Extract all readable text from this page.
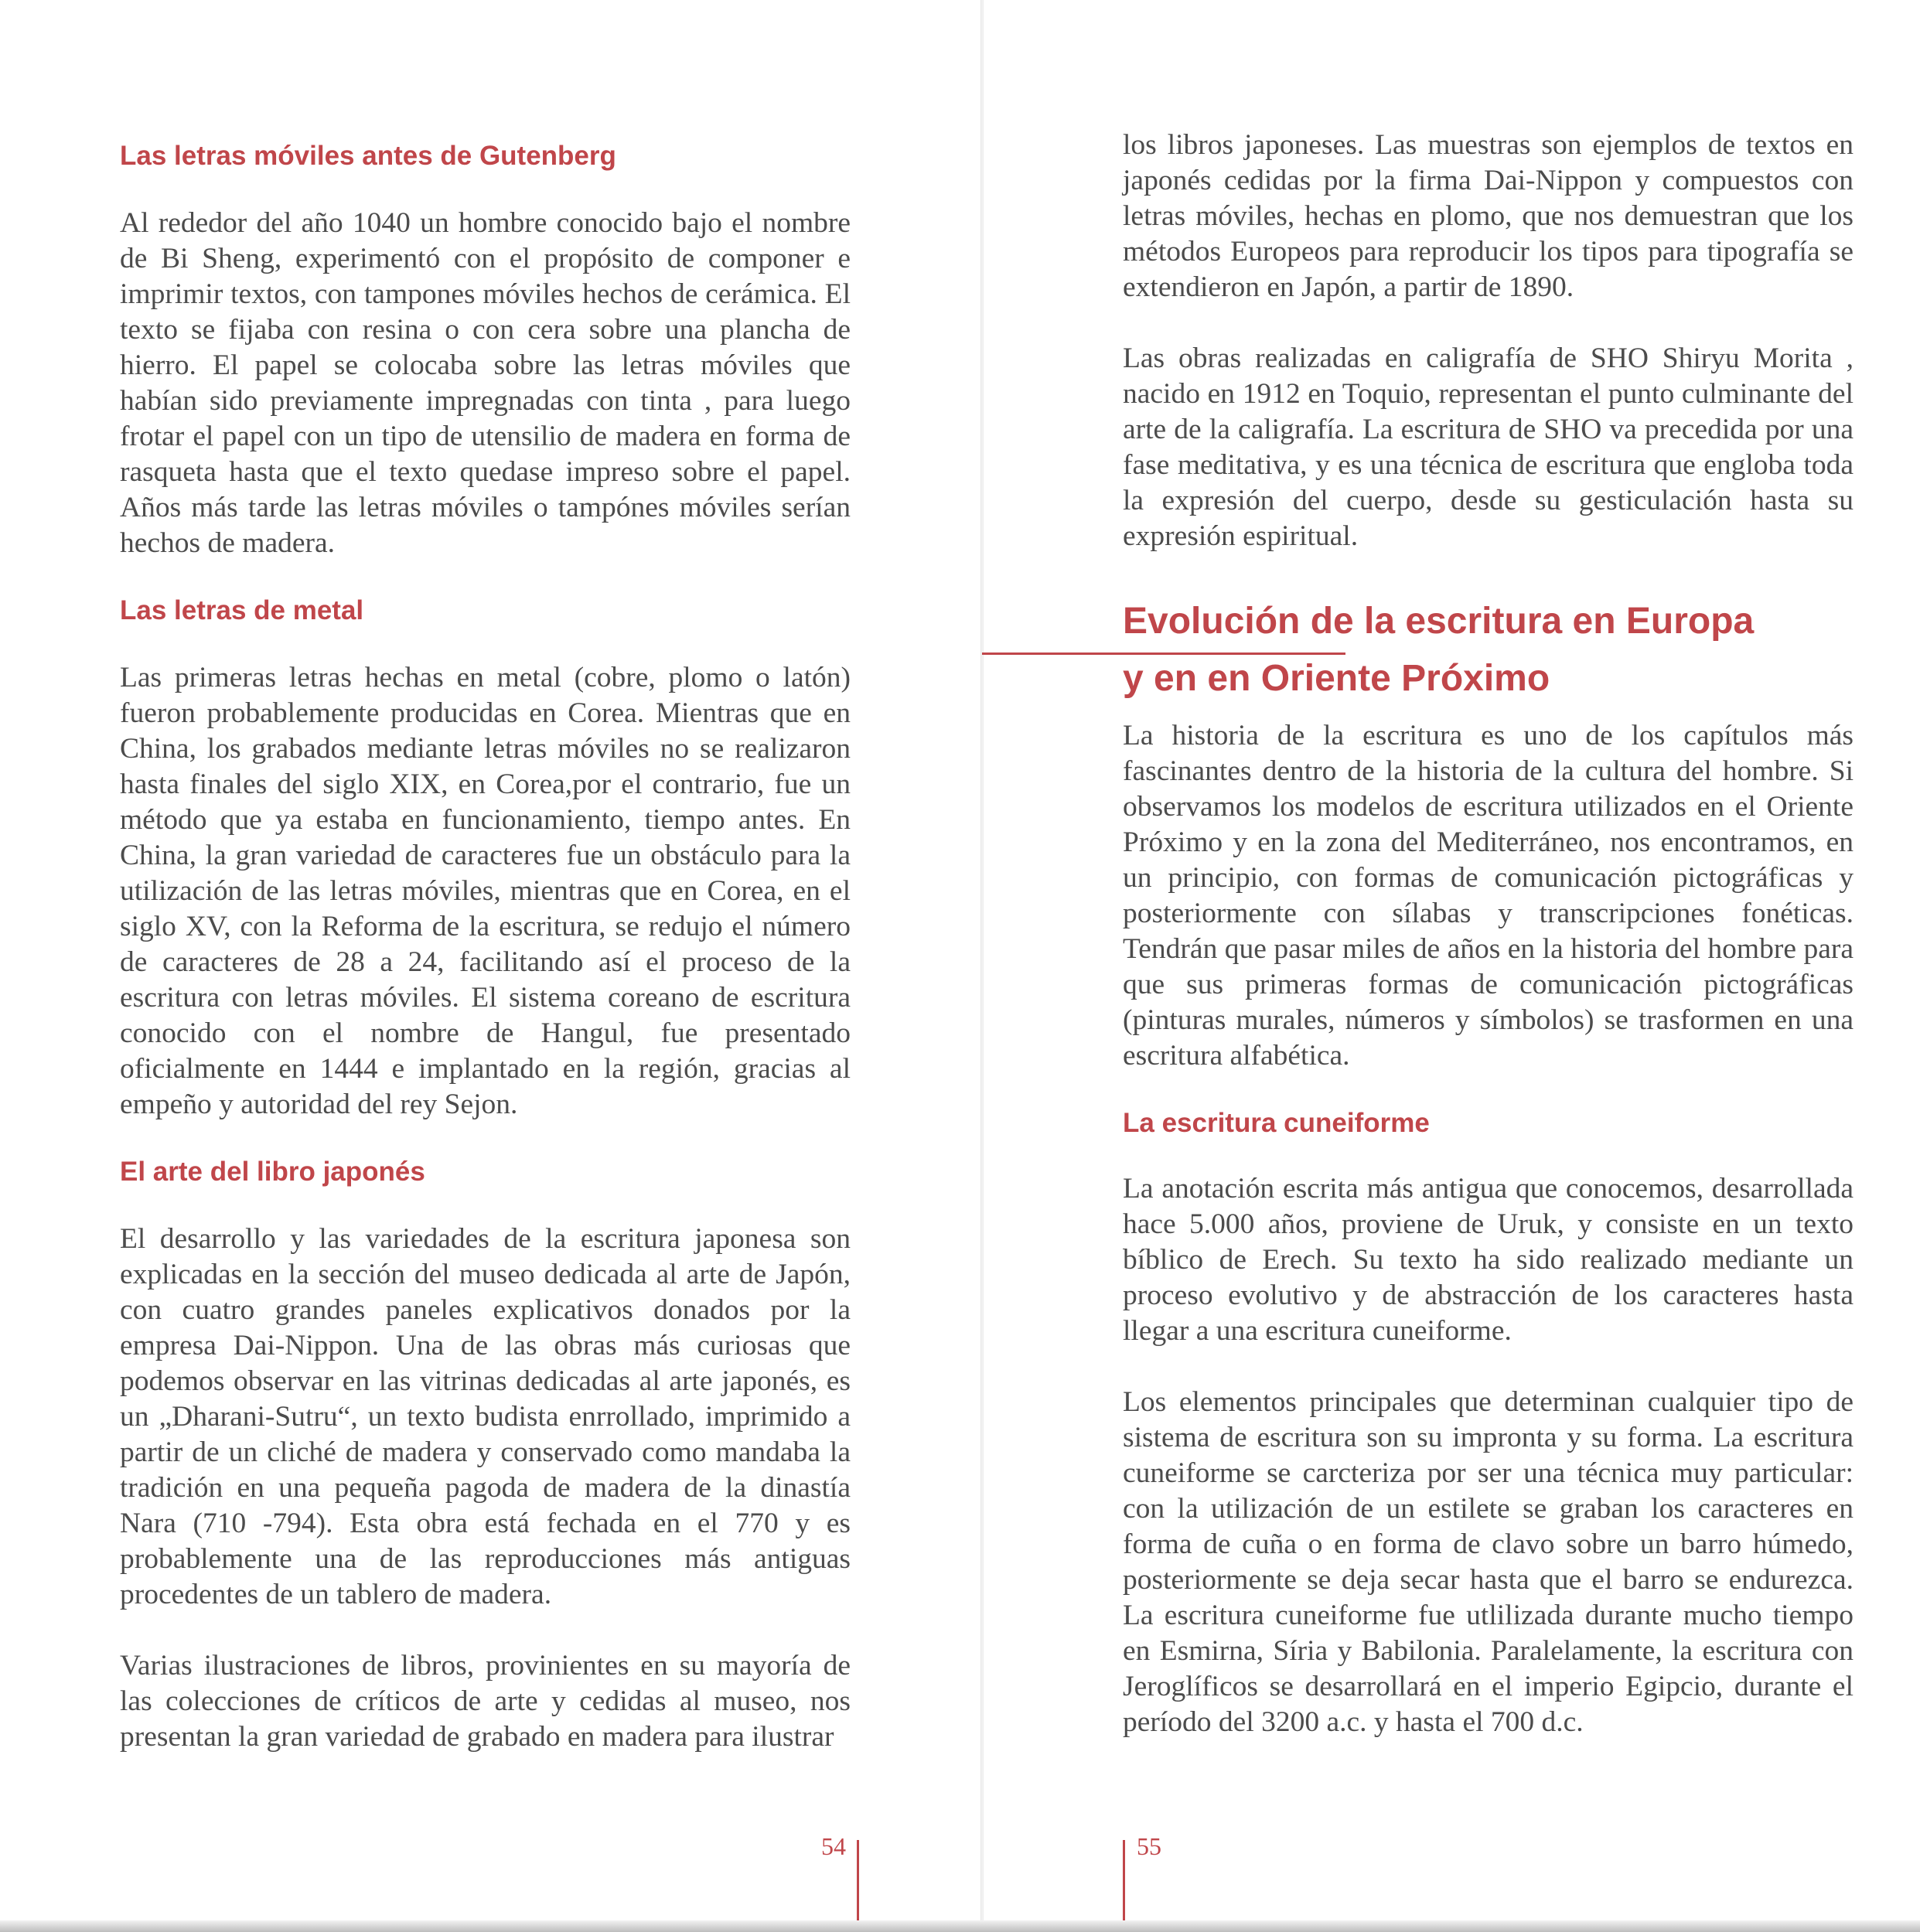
Las letras móviles antes de Gutenberg

Al rededor del año 1040 un hombre conocido bajo el nombre de Bi Sheng, experimentó con el propósito de componer e imprimir textos, con tampones móviles hechos de cerámica. El texto se fijaba con resina o con cera sobre una plancha de hierro. El papel se colocaba sobre las letras móviles que habían sido previamente impregnadas con tinta , para luego frotar el papel con un tipo de utensilio de madera en forma de rasqueta hasta que el texto quedase impreso sobre el papel. Años más tarde las letras móviles o tampónes móviles serían hechos de madera.

Las letras de metal

Las primeras letras hechas en metal (cobre, plomo o latón) fueron probablemente producidas en Corea. Mientras que en China, los grabados mediante letras móviles no se realizaron hasta finales del siglo XIX, en Corea,por el contrario, fue un método que ya estaba en funcionamiento, tiempo antes. En China, la gran variedad de caracteres fue un obstáculo para la utilización de las letras móviles, mientras que en Corea, en el siglo XV, con la Reforma de la escritura, se redujo el número de caracteres de 28 a 24, facilitando así el proceso de la escritura con letras móviles. El sistema coreano de escritura conocido con el nombre de Hangul, fue presentado oficialmente en 1444 e implantado en la región, gracias al empeño y autoridad del rey Sejon.

El arte del libro japonés

El desarrollo y las variedades de la escritura japonesa son explicadas en la sección del museo dedicada al arte de Japón, con cuatro grandes paneles explicativos donados por la empresa Dai-Nippon. Una de las obras más curiosas que podemos observar en las vitrinas dedicadas al arte japonés, es un „Dharani-Sutru“, un texto budista enrrollado, imprimido a partir de un cliché de madera y conservado como mandaba la tradición en una pequeña pagoda de madera de la dinastía Nara (710 -794). Esta obra está fechada en el 770 y es probablemente una de las reproducciones más antiguas procedentes de un tablero de madera.

Varias ilustraciones de libros, provinientes en su mayoría de las colecciones de críticos de arte y cedidas al museo, nos presentan la gran variedad de grabado en madera para ilustrar

54	55

los libros japoneses. Las muestras son ejemplos de textos en japonés cedidas por la firma Dai-Nippon y compuestos con letras móviles, hechas en plomo, que nos demuestran que los métodos Europeos para reproducir los tipos para tipografía se extendieron en Japón, a partir de 1890.

Las obras realizadas en caligrafía de SHO Shiryu Morita , nacido en 1912 en Toquio, representan el punto culminante del arte de la caligrafía. La escritura de SHO va precedida por una fase meditativa, y es una técnica de escritura que engloba toda la expresión del cuerpo, desde su gesticulación hasta su expresión espiritual.

Evolución de la escritura en Europa
y en en Oriente Próximo

La historia de la escritura es uno de los capítulos más fascinantes dentro de la historia de la cultura del hombre. Si observamos los modelos de escritura utilizados en el Oriente Próximo y en la zona del Mediterráneo, nos encontramos, en un principio, con formas de comunicación pictográficas y posteriormente con sílabas y transcripciones fonéticas. Tendrán que pasar miles de años en la historia del hombre para que sus primeras formas de comunicación pictográficas (pinturas murales, números y símbolos) se trasformen en una escritura alfabética.

La escritura cuneiforme

La anotación escrita más antigua que conocemos, desarrollada hace 5.000 años, proviene de Uruk, y consiste en un texto bíblico de Erech. Su texto ha sido realizado mediante un proceso evolutivo y de abstracción de los caracteres hasta llegar a una escritura cuneiforme.

Los elementos principales que determinan cualquier tipo de sistema de escritura son su impronta y su forma. La escritura cuneiforme se carcteriza por ser una técnica muy particular: con la utilización de un estilete se graban los caracteres en forma de cuña o en forma de clavo sobre un barro húmedo, posteriormente se deja secar hasta que el barro se endurezca. La escritura cuneiforme fue utlilizada durante mucho tiempo en Esmirna, Síria y Babilonia. Paralelamente, la escritura con Jeroglíficos se desarrollará en el imperio Egipcio, durante el período del 3200 a.c. y hasta el 700 d.c.
